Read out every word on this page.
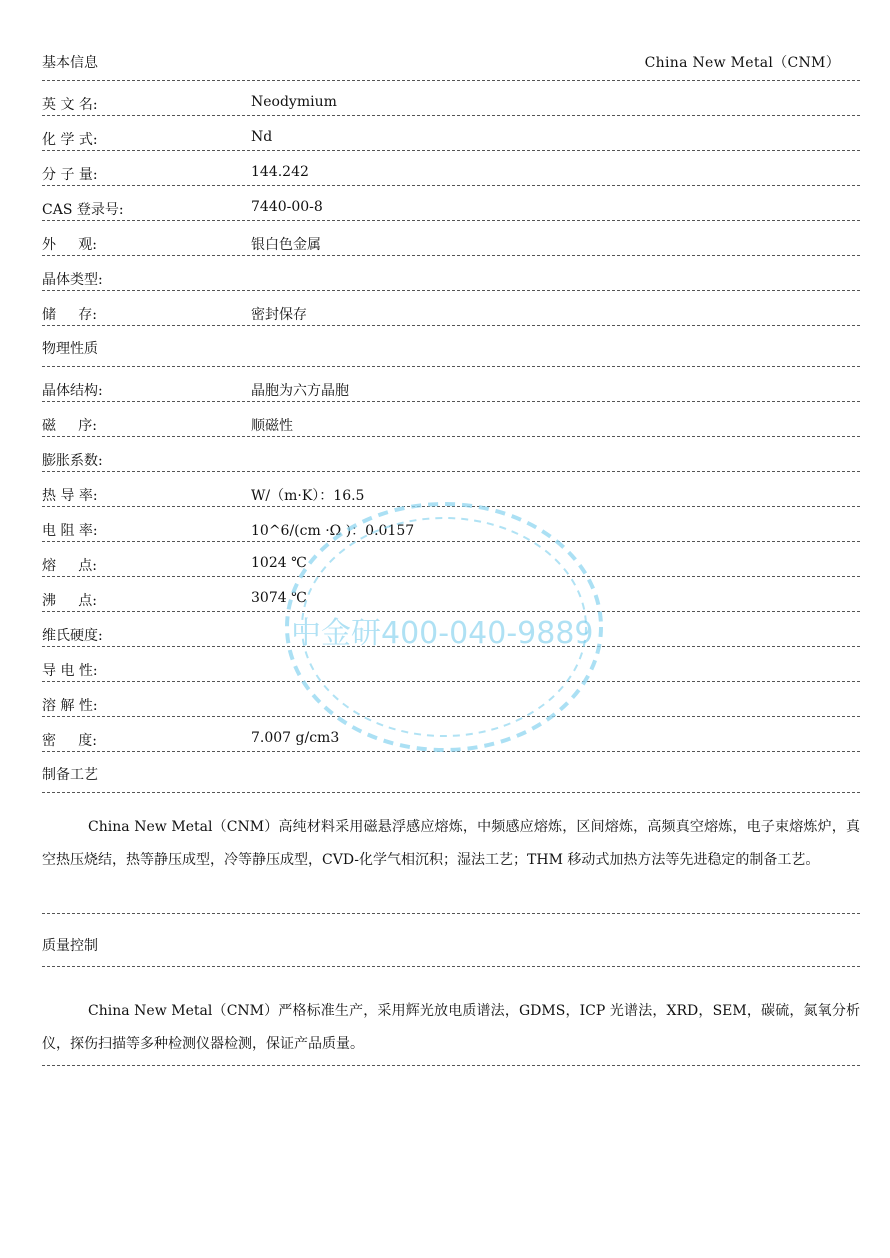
基本信息	China New Metal（CNM）
英 文 名:	Neodymium
化 学 式:	Nd
分 子 量:	144.242
CAS 登录号:	7440-00-8
外     观:	银白色金属
晶体类型:
储     存:	密封保存
物理性质
晶体结构:	晶胞为六方晶胞
磁     序:	顺磁性
膨胀系数:
热 导 率:	W/（m·K）：16.5
电 阻 率:	10^6/(cm ·Ω )：0.0157
熔     点:	1024 ℃
沸     点:	3074 ℃
维氏硬度:
导 电 性:
溶 解 性:
密     度:	7.007 g/cm3
制备工艺

China New Metal（CNM）高纯材料采用磁悬浮感应熔炼，中频感应熔炼，区间熔炼，高频真空熔炼，电子束熔炼炉，真空热压烧结，热等静压成型，冷等静压成型，CVD-化学气相沉积；湿法工艺；THM 移动式加热方法等先进稳定的制备工艺。

质量控制

China New Metal（CNM）严格标准生产，采用辉光放电质谱法，GDMS，ICP 光谱法，XRD，SEM，碳硫，氮氧分析仪，探伤扫描等多种检测仪器检测，保证产品质量。

中金研400-040-9889
